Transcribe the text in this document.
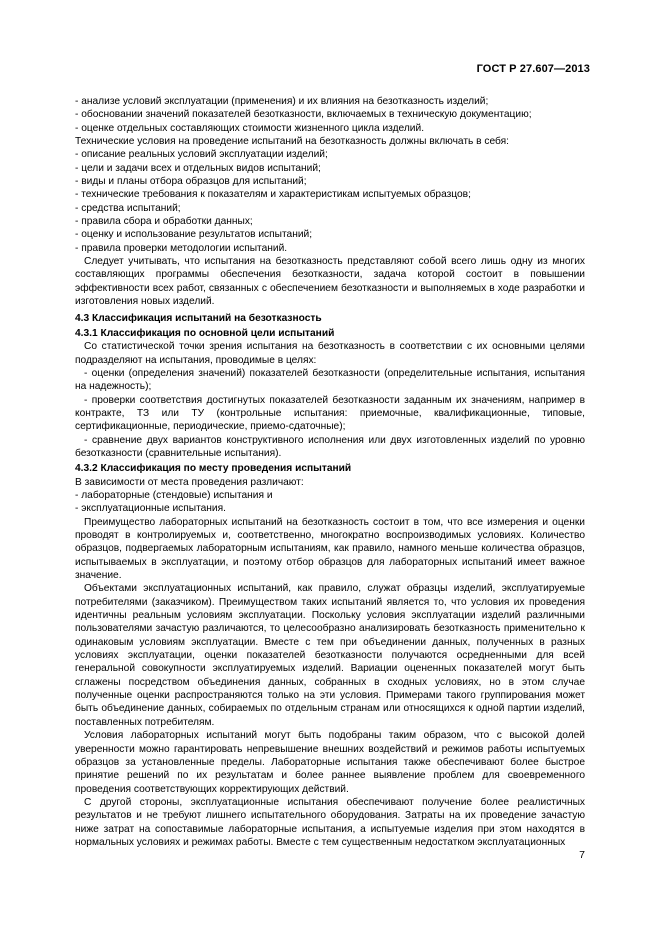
ГОСТ Р 27.607—2013

- анализе условий эксплуатации (применения) и их влияния на безотказность изделий;

- обосновании значений показателей безотказности, включаемых в техническую документацию;

- оценке отдельных составляющих стоимости жизненного цикла изделий.

Технические условия на проведение испытаний на безотказность должны включать в себя:

- описание реальных условий эксплуатации изделий;

- цели и задачи всех и отдельных видов испытаний;

- виды и планы отбора образцов для испытаний;

- технические требования к показателям и характеристикам испытуемых образцов;

- средства испытаний;

- правила сбора и обработки данных;

- оценку и использование результатов испытаний;

- правила проверки методологии испытаний.

Следует учитывать, что испытания на безотказность представляют собой всего лишь одну из многих составляющих программы обеспечения безотказности, задача которой состоит в повышении эффективности всех работ, связанных с обеспечением безотказности и выполняемых в ходе разработки и изготовления новых изделий.

4.3 Классификация испытаний на безотказность

4.3.1 Классификация по основной цели испытаний

Со статистической точки зрения испытания на безотказность в соответствии с их основными целями подразделяют на испытания, проводимые в целях:

- оценки (определения значений) показателей безотказности (определительные испытания, испытания на надежность);

- проверки соответствия достигнутых показателей безотказности заданным их значениям, например в контракте, ТЗ или ТУ (контрольные испытания: приемочные, квалификационные, типовые, сертификационные, периодические, приемо-сдаточные);

- сравнение двух вариантов конструктивного исполнения или двух изготовленных изделий по уровню безотказности (сравнительные испытания).

4.3.2 Классификация по месту проведения испытаний

В зависимости от места проведения различают:

- лабораторные (стендовые) испытания и

- эксплуатационные испытания.

Преимущество лабораторных испытаний на безотказность состоит в том, что все измерения и оценки проводят в контролируемых и, соответственно, многократно воспроизводимых условиях. Количество образцов, подвергаемых лабораторным испытаниям, как правило, намного меньше количества образцов, испытываемых в эксплуатации, и поэтому отбор образцов для лабораторных испытаний имеет важное значение.

Объектами эксплуатационных испытаний, как правило, служат образцы изделий, эксплуатируемые потребителями (заказчиком). Преимуществом таких испытаний является то, что условия их проведения идентичны реальным условиям эксплуатации. Поскольку условия эксплуатации изделий различными пользователями зачастую различаются, то целесообразно анализировать безотказность применительно к одинаковым условиям эксплуатации. Вместе с тем при объединении данных, полученных в разных условиях эксплуатации, оценки показателей безотказности получаются осредненными для всей генеральной совокупности эксплуатируемых изделий. Вариации оцененных показателей могут быть сглажены посредством объединения данных, собранных в сходных условиях, но в этом случае полученные оценки распространяются только на эти условия. Примерами такого группирования может быть объединение данных, собираемых по отдельным странам или относящихся к одной партии изделий, поставленных потребителям.

Условия лабораторных испытаний могут быть подобраны таким образом, что с высокой долей уверенности можно гарантировать непревышение внешних воздействий и режимов работы испытуемых образцов за установленные пределы. Лабораторные испытания также обеспечивают более быстрое принятие решений по их результатам и более раннее выявление проблем для своевременного проведения соответствующих корректирующих действий.

С другой стороны, эксплуатационные испытания обеспечивают получение более реалистичных результатов и не требуют лишнего испытательного оборудования. Затраты на их проведение зачастую ниже затрат на сопоставимые лабораторные испытания, а испытуемые изделия при этом находятся в нормальных условиях и режимах работы. Вместе с тем существенным недостатком эксплуатационных

7
